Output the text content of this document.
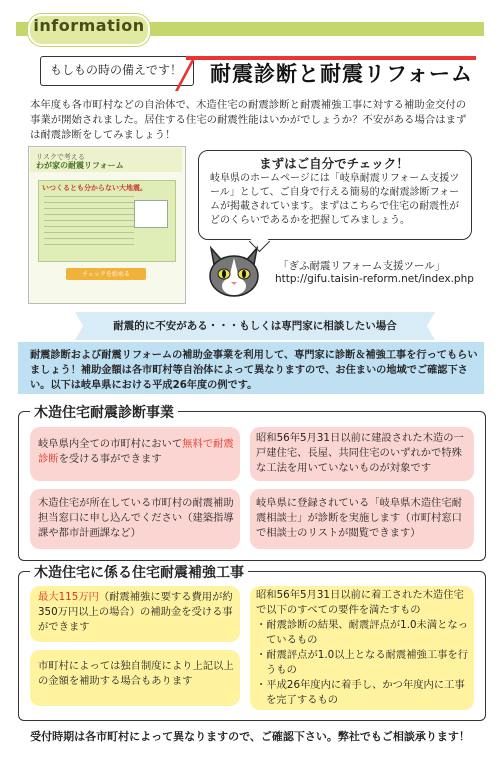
information
もしもの時の備えです！	耐震診断と耐震リフォーム
本年度も各市町村などの自治体で、木造住宅の耐震診断と耐震補強工事に対する補助金交付の事業が開始されました。居住する住宅の耐震性能はいかがでしょうか？不安がある場合はまずは耐震診断をしてみましょう！
リスクで考える
わが家の耐震リフォーム
いつくるとも分からない大地震。
チェックを始める
まずはご自分でチェック！
岐阜県のホームページには「岐阜耐震リフォーム支援ツール」として、ご自身で行える簡易的な耐震診断フォームが掲載されています。まずはこちらで住宅の耐震性がどのくらいであるかを把握してみましょう。
「ぎふ耐震リフォーム支援ツール」
http://gifu.taisin-reform.net/index.php
耐震的に不安がある・・・もしくは専門家に相談したい場合
耐震診断および耐震リフォームの補助金事業を利用して、専門家に診断＆補強工事を行ってもらいましょう！補助金額は各市町村等自治体によって異なりますので、お住まいの地域でご確認下さい。以下は岐阜県における平成26年度の例です。
木造住宅耐震診断事業
岐阜県内全ての市町村において無料で耐震診断を受ける事ができます
木造住宅が所在している市町村の耐震補助担当窓口に申し込んでください（建築指導課や都市計画課など）
昭和56年5月31日以前に建設された木造の一戸建住宅、長屋、共同住宅のいずれかで特殊な工法を用いていないものが対象です
岐阜県に登録されている「岐阜県木造住宅耐震相談士」が診断を実施します（市町村窓口で相談士のリストが閲覧できます）
木造住宅に係る住宅耐震補強工事
最大115万円（耐震補強に要する費用が約350万円以上の場合）の補助金を受ける事ができます
市町村によっては独自制度により上記以上の金額を補助する場合もあります
昭和56年5月31日以前に着工された木造住宅で以下のすべての要件を満たすもの
・耐震診断の結果、耐震評点が1.0未満となっているもの
・耐震評点が1.0以上となる耐震補強工事を行うもの
・平成26年度内に着手し、かつ年度内に工事を完了するもの
受付時期は各市町村によって異なりますので、ご確認下さい。弊社でもご相談承ります！
